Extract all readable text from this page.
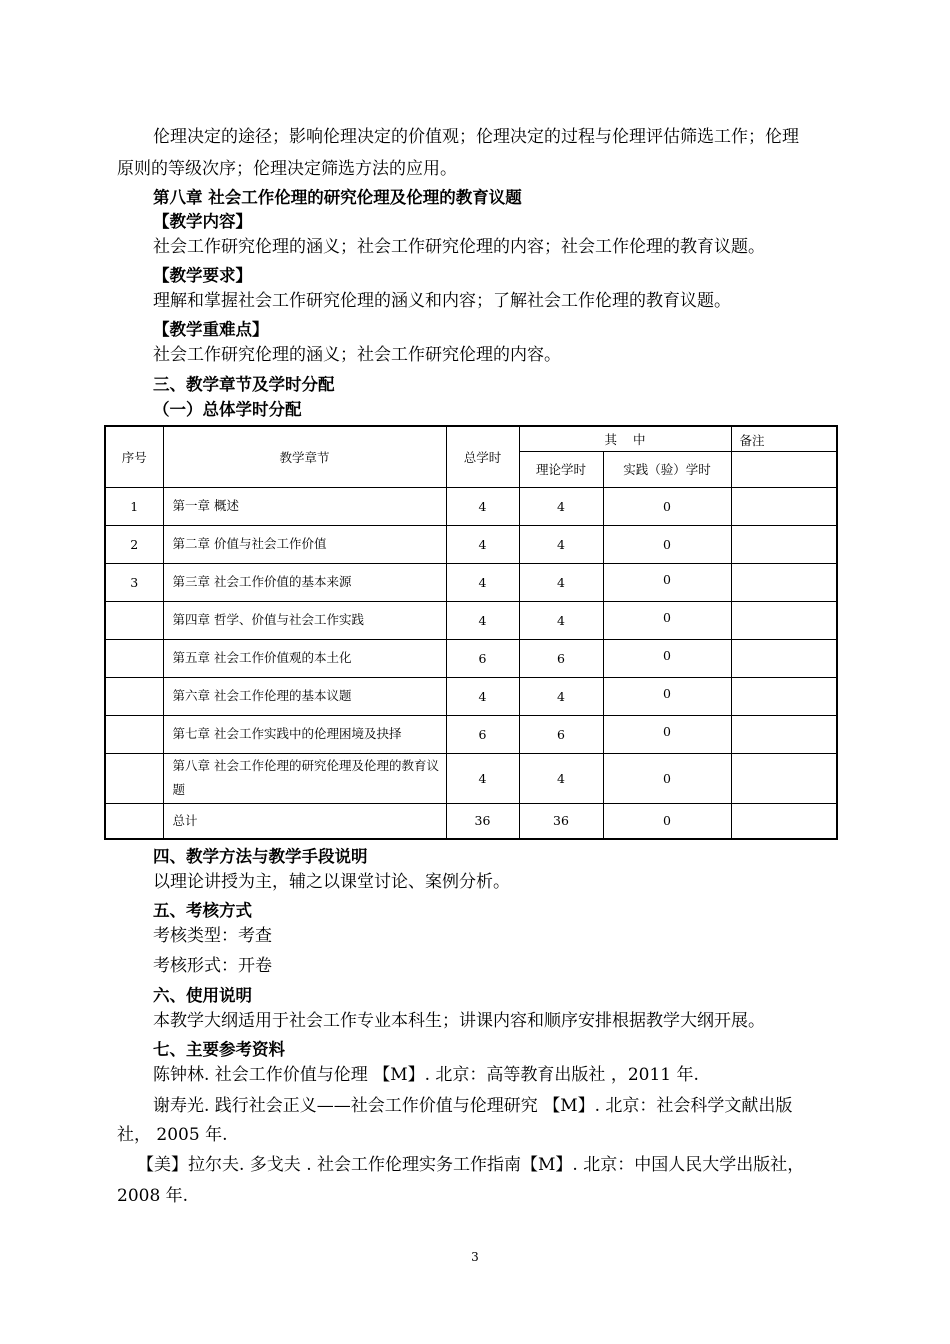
伦理决定的途径；影响伦理决定的价值观；伦理决定的过程与伦理评估筛选工作；伦理
原则的等级次序；伦理决定筛选方法的应用。
第八章 社会工作伦理的研究伦理及伦理的教育议题
【教学内容】
社会工作研究伦理的涵义；社会工作研究伦理的内容；社会工作伦理的教育议题。
【教学要求】
理解和掌握社会工作研究伦理的涵义和内容；了解社会工作伦理的教育议题。
【教学重难点】
社会工作研究伦理的涵义；社会工作研究伦理的内容。
三、教学章节及学时分配
（一）总体学时分配
序号	教学章节	总学时	其    中		备注
			理论学时	实践（验）学时	
1	第一章 概述	4	4	0	
2	第二章 价值与社会工作价值	4	4	0	
3	第三章 社会工作价值的基本来源	4	4	0	
	第四章 哲学、价值与社会工作实践	4	4	0	
	第五章 社会工作价值观的本土化	6	6	0	
	第六章 社会工作伦理的基本议题	4	4	0	
	第七章 社会工作实践中的伦理困境及抉择	6	6	0	
	第八章 社会工作伦理的研究伦理及伦理的教育议题	4	4	0	
	总计	36	36	0	
四、教学方法与教学手段说明
以理论讲授为主，辅之以课堂讨论、案例分析。
五、考核方式
考核类型：考查
考核形式：开卷
六、使用说明
本教学大纲适用于社会工作专业本科生；讲课内容和顺序安排根据教学大纲开展。
七、主要参考资料
陈钟林. 社会工作价值与伦理 【M】. 北京：高等教育出版社 ，2011 年.
谢寿光. 践行社会正义——社会工作价值与伦理研究 【M】. 北京：社会科学文献出版
社， 2005 年.
【美】拉尔夫. 多戈夫 . 社会工作伦理实务工作指南【M】. 北京：中国人民大学出版社，
2008 年.
3
